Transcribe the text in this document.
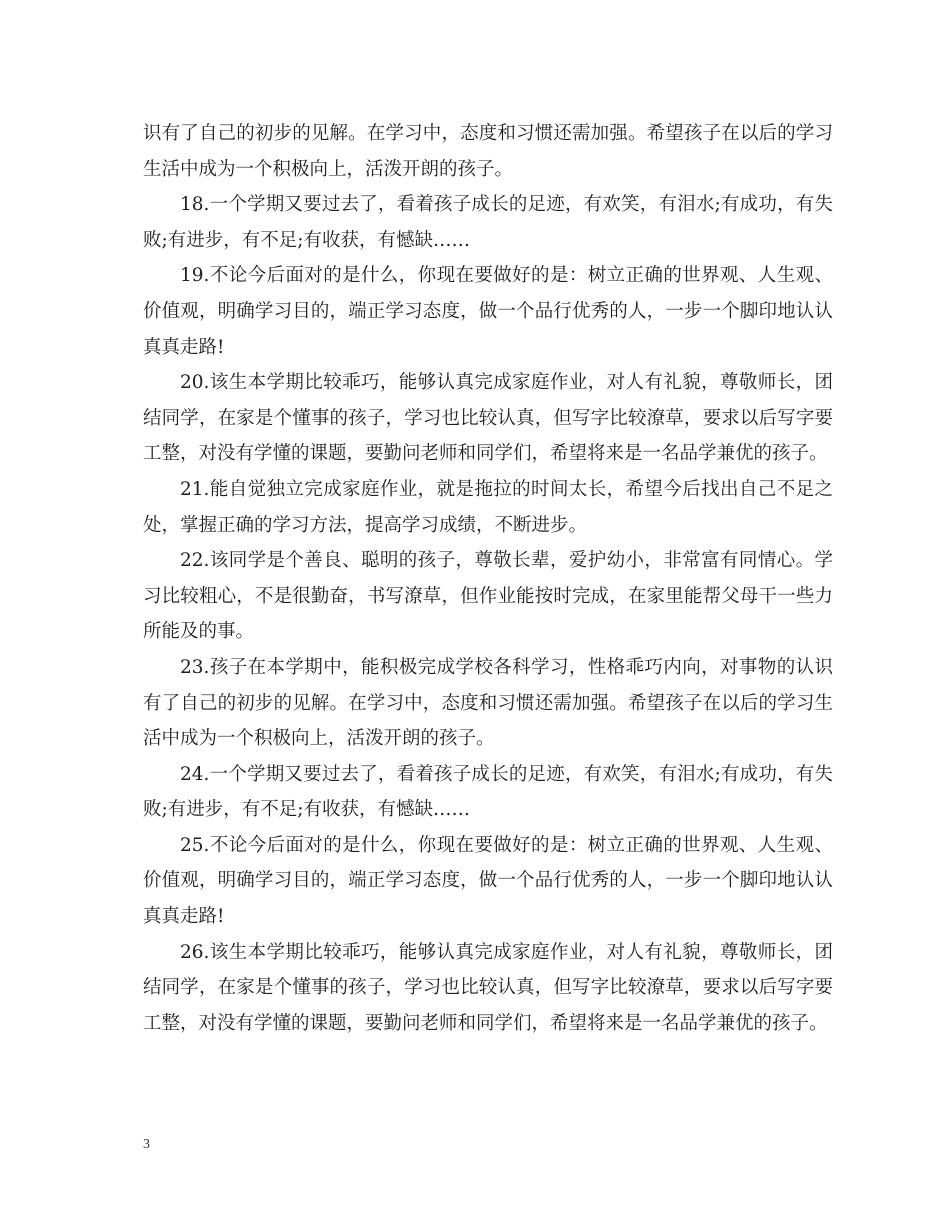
识有了自己的初步的见解。在学习中，态度和习惯还需加强。希望孩子在以后的学习生活中成为一个积极向上，活泼开朗的孩子。

18.一个学期又要过去了，看着孩子成长的足迹，有欢笑，有泪水;有成功，有失败;有进步，有不足;有收获，有憾缺……

19.不论今后面对的是什么，你现在要做好的是：树立正确的世界观、人生观、价值观，明确学习目的，端正学习态度，做一个品行优秀的人，一步一个脚印地认认真真走路!

20.该生本学期比较乖巧，能够认真完成家庭作业，对人有礼貌，尊敬师长，团结同学，在家是个懂事的孩子，学习也比较认真，但写字比较潦草，要求以后写字要工整，对没有学懂的课题，要勤问老师和同学们，希望将来是一名品学兼优的孩子。

21.能自觉独立完成家庭作业，就是拖拉的时间太长，希望今后找出自己不足之处，掌握正确的学习方法，提高学习成绩，不断进步。

22.该同学是个善良、聪明的孩子，尊敬长辈，爱护幼小，非常富有同情心。学习比较粗心，不是很勤奋，书写潦草，但作业能按时完成，在家里能帮父母干一些力所能及的事。

23.孩子在本学期中，能积极完成学校各科学习，性格乖巧内向，对事物的认识有了自己的初步的见解。在学习中，态度和习惯还需加强。希望孩子在以后的学习生活中成为一个积极向上，活泼开朗的孩子。

24.一个学期又要过去了，看着孩子成长的足迹，有欢笑，有泪水;有成功，有失败;有进步，有不足;有收获，有憾缺……

25.不论今后面对的是什么，你现在要做好的是：树立正确的世界观、人生观、价值观，明确学习目的，端正学习态度，做一个品行优秀的人，一步一个脚印地认认真真走路!

26.该生本学期比较乖巧，能够认真完成家庭作业，对人有礼貌，尊敬师长，团结同学，在家是个懂事的孩子，学习也比较认真，但写字比较潦草，要求以后写字要工整，对没有学懂的课题，要勤问老师和同学们，希望将来是一名品学兼优的孩子。

3
